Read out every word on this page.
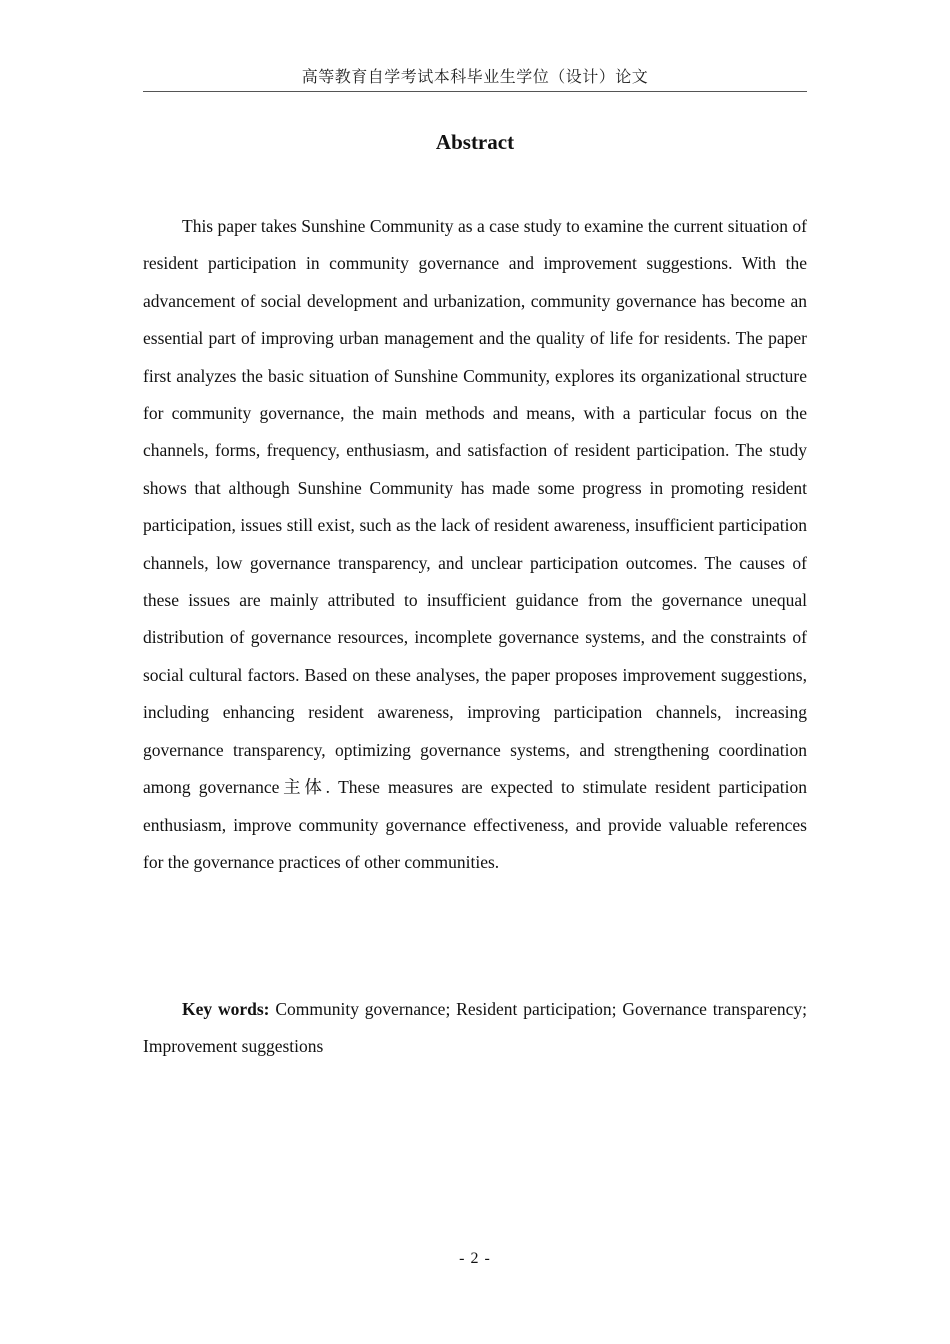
高等教育自学考试本科毕业生学位（设计）论文
Abstract

This paper takes Sunshine Community as a case study to examine the current situation of resident participation in community governance and improvement suggestions. With the advancement of social development and urbanization, community governance has become an essential part of improving urban management and the quality of life for residents. The paper first analyzes the basic situation of Sunshine Community, explores its organizational structure for community governance, the main methods and means, with a particular focus on the channels, forms, frequency, enthusiasm, and satisfaction of resident participation. The study shows that although Sunshine Community has made some progress in promoting resident participation, issues still exist, such as the lack of resident awareness, insufficient participation channels, low governance transparency, and unclear participation outcomes. The causes of these issues are mainly attributed to insufficient guidance from the governance unequal distribution of governance resources, incomplete governance systems, and the constraints of social cultural factors. Based on these analyses, the paper proposes improvement suggestions, including enhancing resident awareness, improving participation channels, increasing governance transparency, optimizing governance systems, and strengthening coordination among governance主体. These measures are expected to stimulate resident participation enthusiasm, improve community governance effectiveness, and provide valuable references for the governance practices of other communities.

Key words: Community governance; Resident participation; Governance transparency; Improvement suggestions

- 2 -
